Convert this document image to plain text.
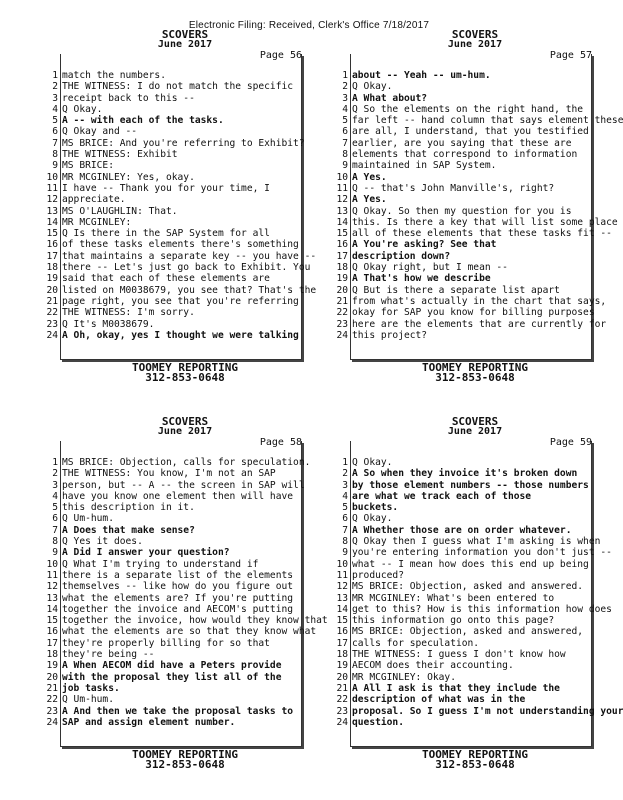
Electronic Filing: Received, Clerk's Office 7/18/2017
SCOVERS
June 2017
Page 56
1 match the numbers.
2 THE WITNESS: I do not match the specific
3 receipt back to this --
4 Q Okay.
5 A -- with each of the tasks.
6 Q Okay and --
7 MS BRICE: And you're referring to Exhibit?
8 THE WITNESS: Exhibit
9 MS BRICE:
10 MR MCGINLEY: Yes, okay.
11 I have -- Thank you for your time, I
12 appreciate.
13 MS O'LAUGHLIN: That.
14 MR MCGINLEY:
15 Q Is there in the SAP System for all
16 of these tasks elements there's something
17 that maintains a separate key -- you have --
18 there -- Let's just go back to Exhibit. You
19 said that each of these elements are
20 listed on M0038679, you see that? That's the
21 page right, you see that you're referring
22 THE WITNESS: I'm sorry.
23 Q It's M0038679.
24 A Oh, okay, yes I thought we were talking
TOOMEY REPORTING
312-853-0648
SCOVERS
June 2017
Page 57
1 about -- Yeah -- um-hum.
2 Q Okay.
3 A What about?
4 Q So the elements on the right hand, the
5 far left -- hand column that says element these
6 are all, I understand, that you testified
7 earlier, are you saying that these are
8 elements that correspond to information
9 maintained in SAP System.
10 A Yes.
11 Q -- that's John Manville's, right?
12 A Yes.
13 Q Okay. So then my question for you is
14 this. Is there a key that will list some place
15 all of these elements that these tasks fit --
16 A You're asking? See that
17 description down?
18 Q Okay right, but I mean --
19 A That's how we describe
20 Q But is there a separate list apart
21 from what's actually in the chart that says,
22 okay for SAP you know for billing purposes
23 here are the elements that are currently for
24 this project?
TOOMEY REPORTING
312-853-0648
SCOVERS
June 2017
Page 58
1 MS BRICE: Objection, calls for speculation.
2 THE WITNESS: You know, I'm not an SAP
3 person, but -- A -- the screen in SAP will
4 have you know one element then will have
5 this description in it.
6 Q Um-hum.
7 A Does that make sense?
8 Q Yes it does.
9 A Did I answer your question?
10 Q What I'm trying to understand if
11 there is a separate list of the elements
12 themselves -- like how do you figure out
13 what the elements are? If you're putting
14 together the invoice and AECOM's putting
15 together the invoice, how would they know that
16 what the elements are so that they know what
17 they're properly billing for so that
18 they're being --
19 A When AECOM did have a Peters provide
20 with the proposal they list all of the
21 job tasks.
22 Q Um-hum.
23 A And then we take the proposal tasks to
24 SAP and assign element number.
TOOMEY REPORTING
312-853-0648
SCOVERS
June 2017
Page 59
1 Q Okay.
2 A So when they invoice it's broken down
3 by those element numbers -- those numbers
4 are what we track each of those
5 buckets.
6 Q Okay.
7 A Whether those are on order whatever.
8 Q Okay then I guess what I'm asking is when
9 you're entering information you don't just --
10 what -- I mean how does this end up being
11 produced?
12 MS BRICE: Objection, asked and answered.
13 MR MCGINLEY: What's been entered to
14 get to this? How is this information how does
15 this information go onto this page?
16 MS BRICE: Objection, asked and answered,
17 calls for speculation.
18 THE WITNESS: I guess I don't know how
19 AECOM does their accounting.
20 MR MCGINLEY: Okay.
21 A All I ask is that they include the
22 description of what was in the
23 proposal. So I guess I'm not understanding your
24 question.
TOOMEY REPORTING
312-853-0648
